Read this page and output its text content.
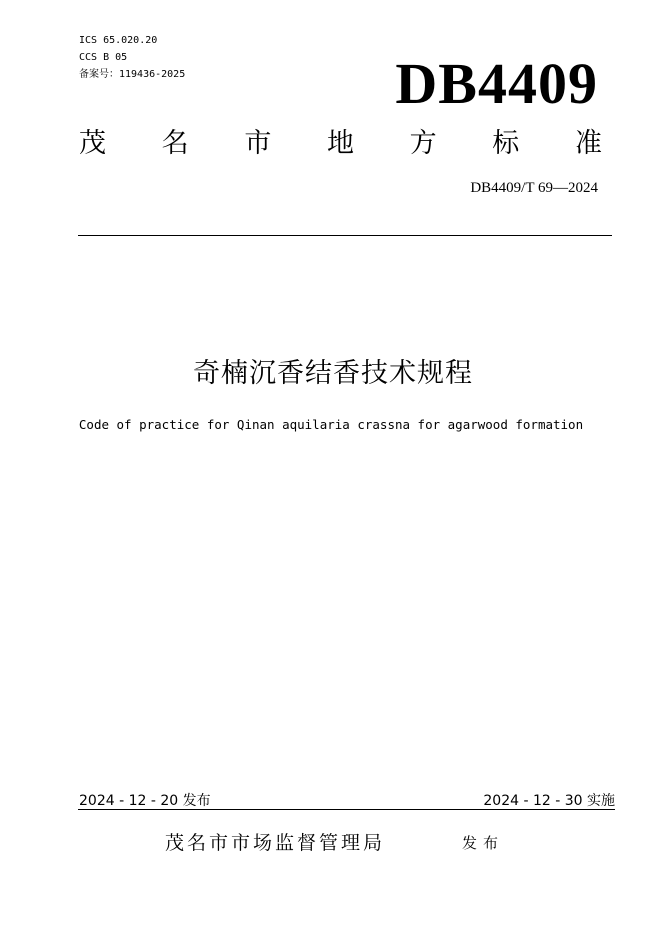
ICS 65.020.20
CCS B 05
备案号：119436-2025	DB4409
茂 名 市 地 方 标 准
DB4409/T 69—2024
奇楠沉香结香技术规程
Code of practice for Qinan aquilaria crassna for agarwood formation
2024 - 12 - 20 发布	2024 - 12 - 30 实施
茂名市市场监督管理局	发布
